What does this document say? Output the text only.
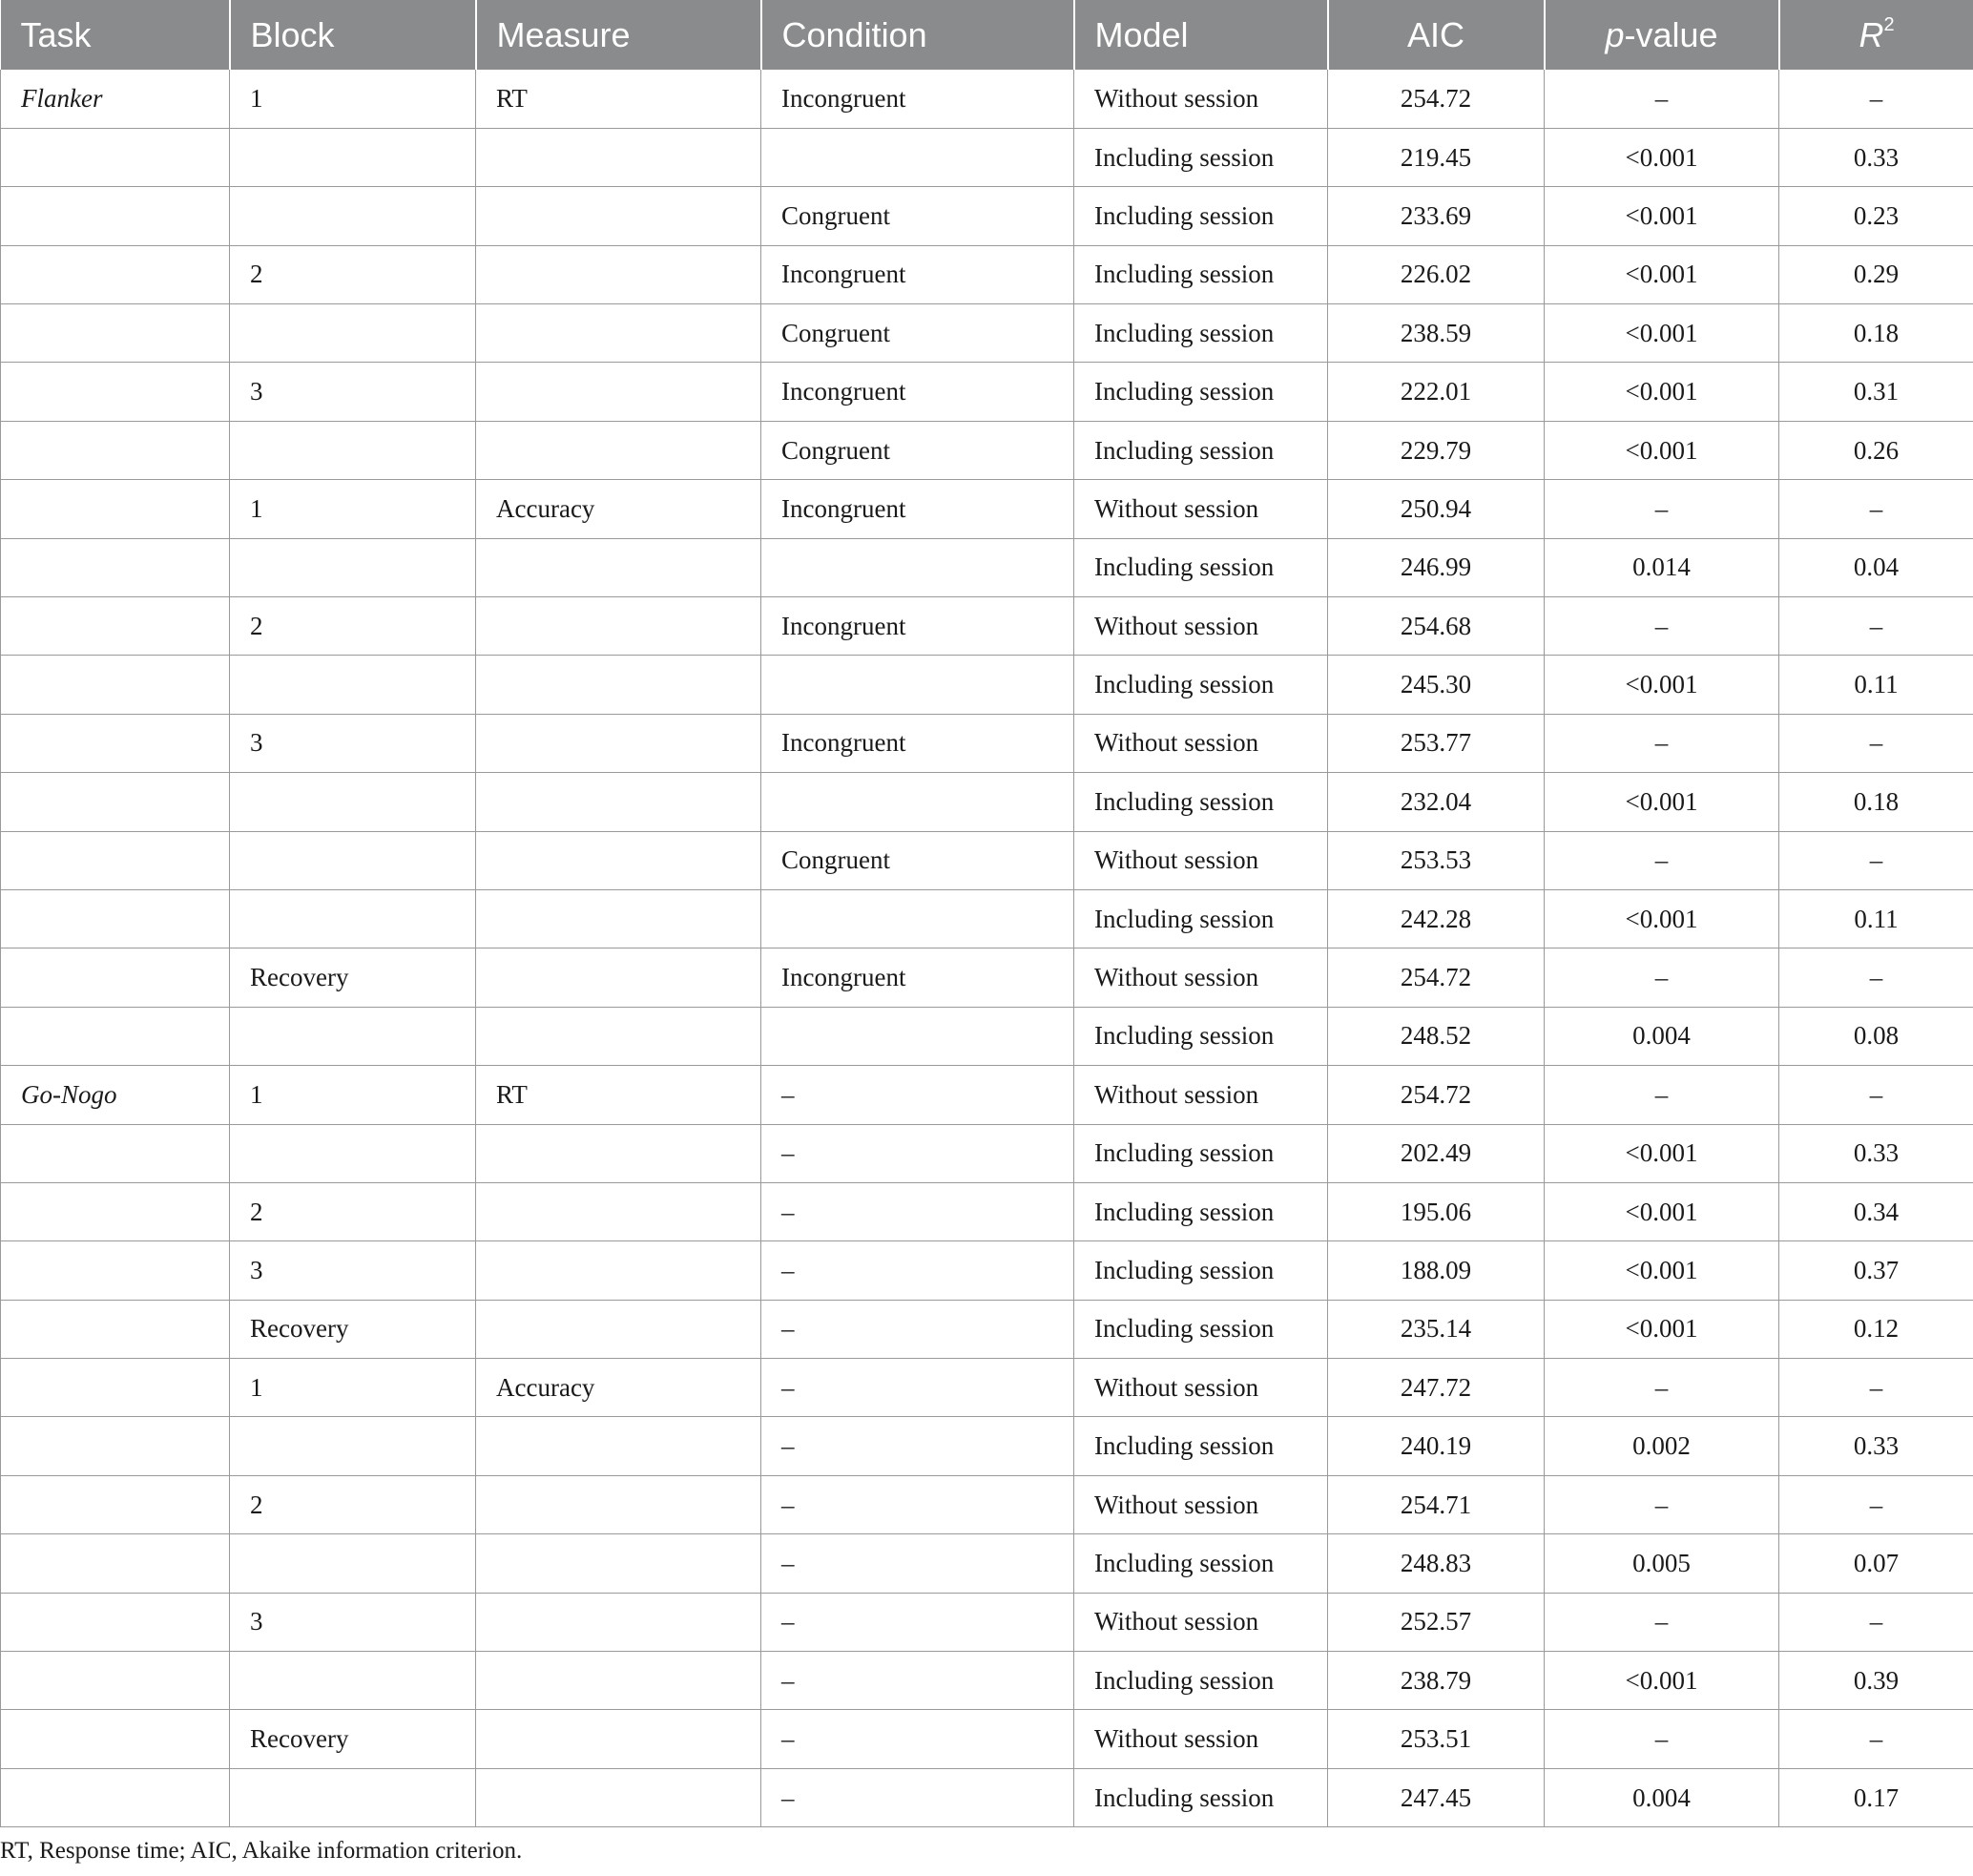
Task	Block	Measure	Condition	Model	AIC	p-value	$R^2$
Flanker	1	RT	Incongruent	Without session	254.72	–	–
				Including session	219.45	<0.001	0.33
			Congruent	Including session	233.69	<0.001	0.23
	2		Incongruent	Including session	226.02	<0.001	0.29
			Congruent	Including session	238.59	<0.001	0.18
	3		Incongruent	Including session	222.01	<0.001	0.31
			Congruent	Including session	229.79	<0.001	0.26
	1	Accuracy	Incongruent	Without session	250.94	–	–
				Including session	246.99	0.014	0.04
	2		Incongruent	Without session	254.68	–	–
				Including session	245.30	<0.001	0.11
	3		Incongruent	Without session	253.77	–	–
				Including session	232.04	<0.001	0.18
			Congruent	Without session	253.53	–	–
				Including session	242.28	<0.001	0.11
	Recovery		Incongruent	Without session	254.72	–	–
				Including session	248.52	0.004	0.08
Go-Nogo	1	RT	–	Without session	254.72	–	–
			–	Including session	202.49	<0.001	0.33
	2		–	Including session	195.06	<0.001	0.34
	3		–	Including session	188.09	<0.001	0.37
	Recovery		–	Including session	235.14	<0.001	0.12
	1	Accuracy	–	Without session	247.72	–	–
			–	Including session	240.19	0.002	0.33
	2		–	Without session	254.71	–	–
			–	Including session	248.83	0.005	0.07
	3		–	Without session	252.57	–	–
			–	Including session	238.79	<0.001	0.39
	Recovery		–	Without session	253.51	–	–
			–	Including session	247.45	0.004	0.17
RT, Response time; AIC, Akaike information criterion.
